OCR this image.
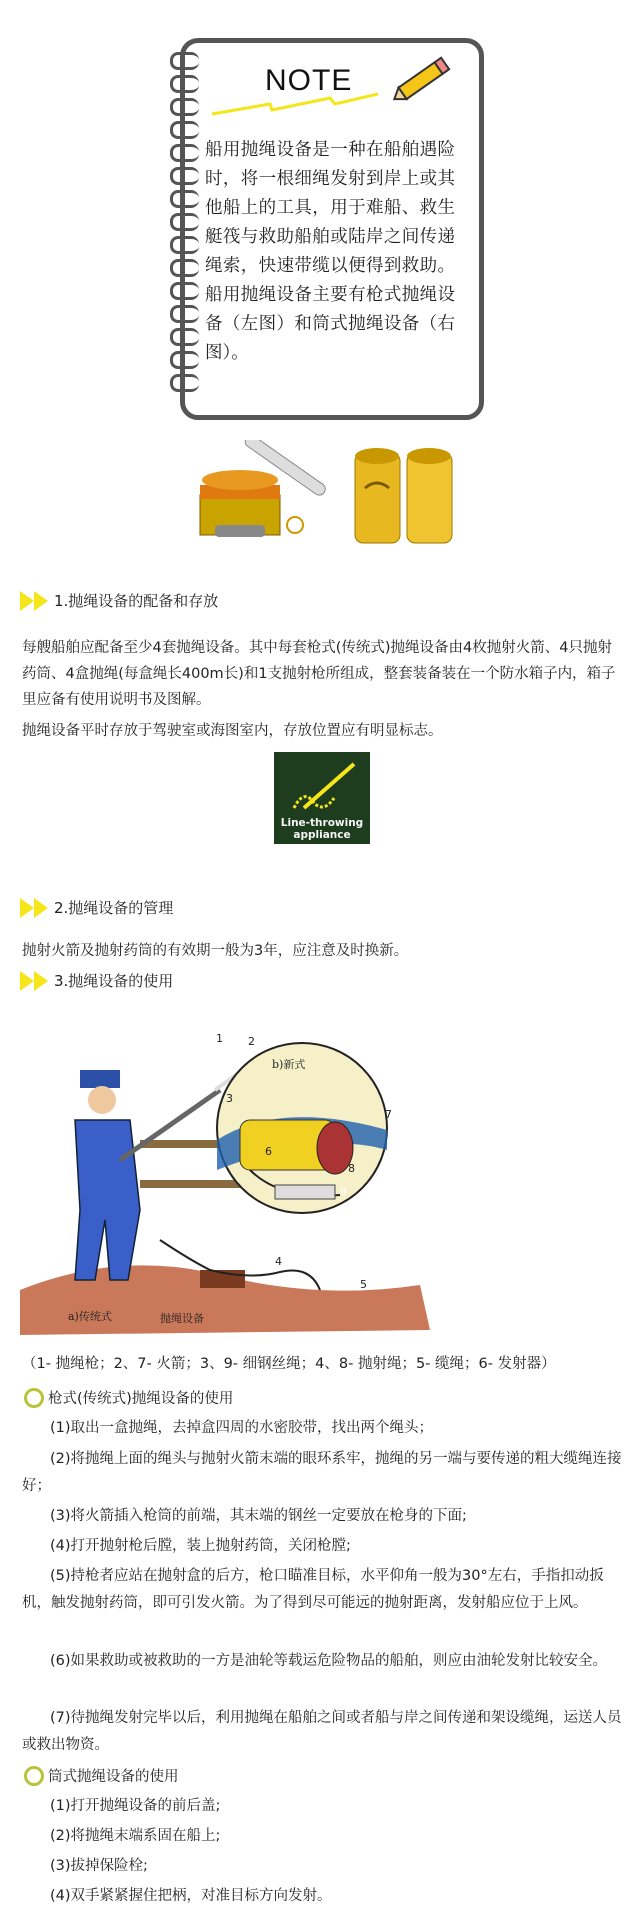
NOTE
船用抛绳设备是一种在船舶遇险时，将一根细绳发射到岸上或其他船上的工具，用于难船、救生艇筏与救助船舶或陆岸之间传递绳索，快速带缆以便得到救助。船用抛绳设备主要有枪式抛绳设备（左图）和筒式抛绳设备（右图）。
1.抛绳设备的配备和存放
每艘船舶应配备至少4套抛绳设备。其中每套枪式(传统式)抛绳设备由4枚抛射火箭、4只抛射药筒、4盒抛绳(每盒绳长400m长)和1支抛射枪所组成，整套装备装在一个防水箱子内，箱子里应备有使用说明书及图解。
抛绳设备平时存放于驾驶室或海图室内，存放位置应有明显标志。
Line-throwing
appliance
2.抛绳设备的管理
抛射火箭及抛射药筒的有效期一般为3年，应注意及时换新。
3.抛绳设备的使用
b)新式
a)传统式	抛绳设备
1 2
3
4
5
6
7
8
9
（1- 抛绳枪；2、7- 火箭；3、9- 细钢丝绳；4、8- 抛射绳；5- 缆绳；6- 发射器）
枪式(传统式)抛绳设备的使用
(1)取出一盒抛绳，去掉盒四周的水密胶带，找出两个绳头；
(2)将抛绳上面的绳头与抛射火箭末端的眼环系牢，抛绳的另一端与要传递的粗大缆绳连接好；
(3)将火箭插入枪筒的前端，其末端的钢丝一定要放在枪身的下面;
(4)打开抛射枪后膛，装上抛射药筒，关闭枪膛;
(5)持枪者应站在抛射盒的后方，枪口瞄准目标，水平仰角一般为30°左右，手指扣动扳机，触发抛射药筒，即可引发火箭。为了得到尽可能远的抛射距离，发射船应位于上风。
(6)如果救助或被救助的一方是油轮等载运危险物品的船舶，则应由油轮发射比较安全。
(7)待抛绳发射完毕以后，利用抛绳在船舶之间或者船与岸之间传递和架设缆绳，运送人员或救出物资。
筒式抛绳设备的使用
(1)打开抛绳设备的前后盖;
(2)将抛绳末端系固在船上;
(3)拔掉保险栓;
(4)双手紧紧握住把柄，对准目标方向发射。
